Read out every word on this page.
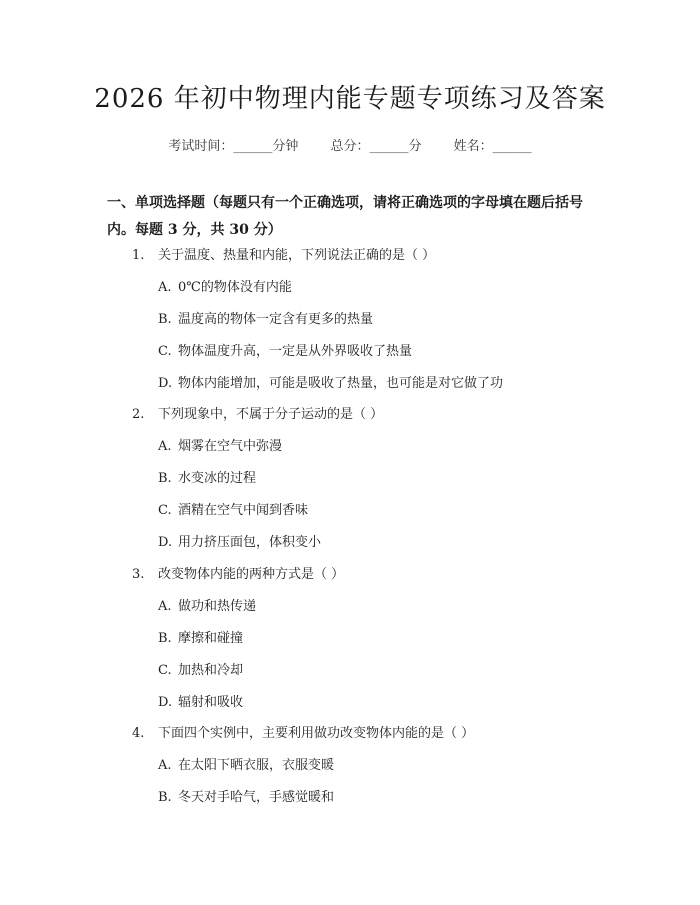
2026 年初中物理内能专题专项练习及答案
考试时间：______分钟 总分：______分 姓名：______
一、单项选择题（每题只有一个正确选项，请将正确选项的字母填在题后括号内。每题 3 分，共 30 分）
1. 关于温度、热量和内能，下列说法正确的是（ ）
A. 0℃的物体没有内能
B. 温度高的物体一定含有更多的热量
C. 物体温度升高，一定是从外界吸收了热量
D. 物体内能增加，可能是吸收了热量，也可能是对它做了功
2. 下列现象中，不属于分子运动的是（ ）
A. 烟雾在空气中弥漫
B. 水变冰的过程
C. 酒精在空气中闻到香味
D. 用力挤压面包，体积变小
3. 改变物体内能的两种方式是（ ）
A. 做功和热传递
B. 摩擦和碰撞
C. 加热和冷却
D. 辐射和吸收
4. 下面四个实例中，主要利用做功改变物体内能的是（ ）
A. 在太阳下晒衣服，衣服变暖
B. 冬天对手哈气，手感觉暖和
